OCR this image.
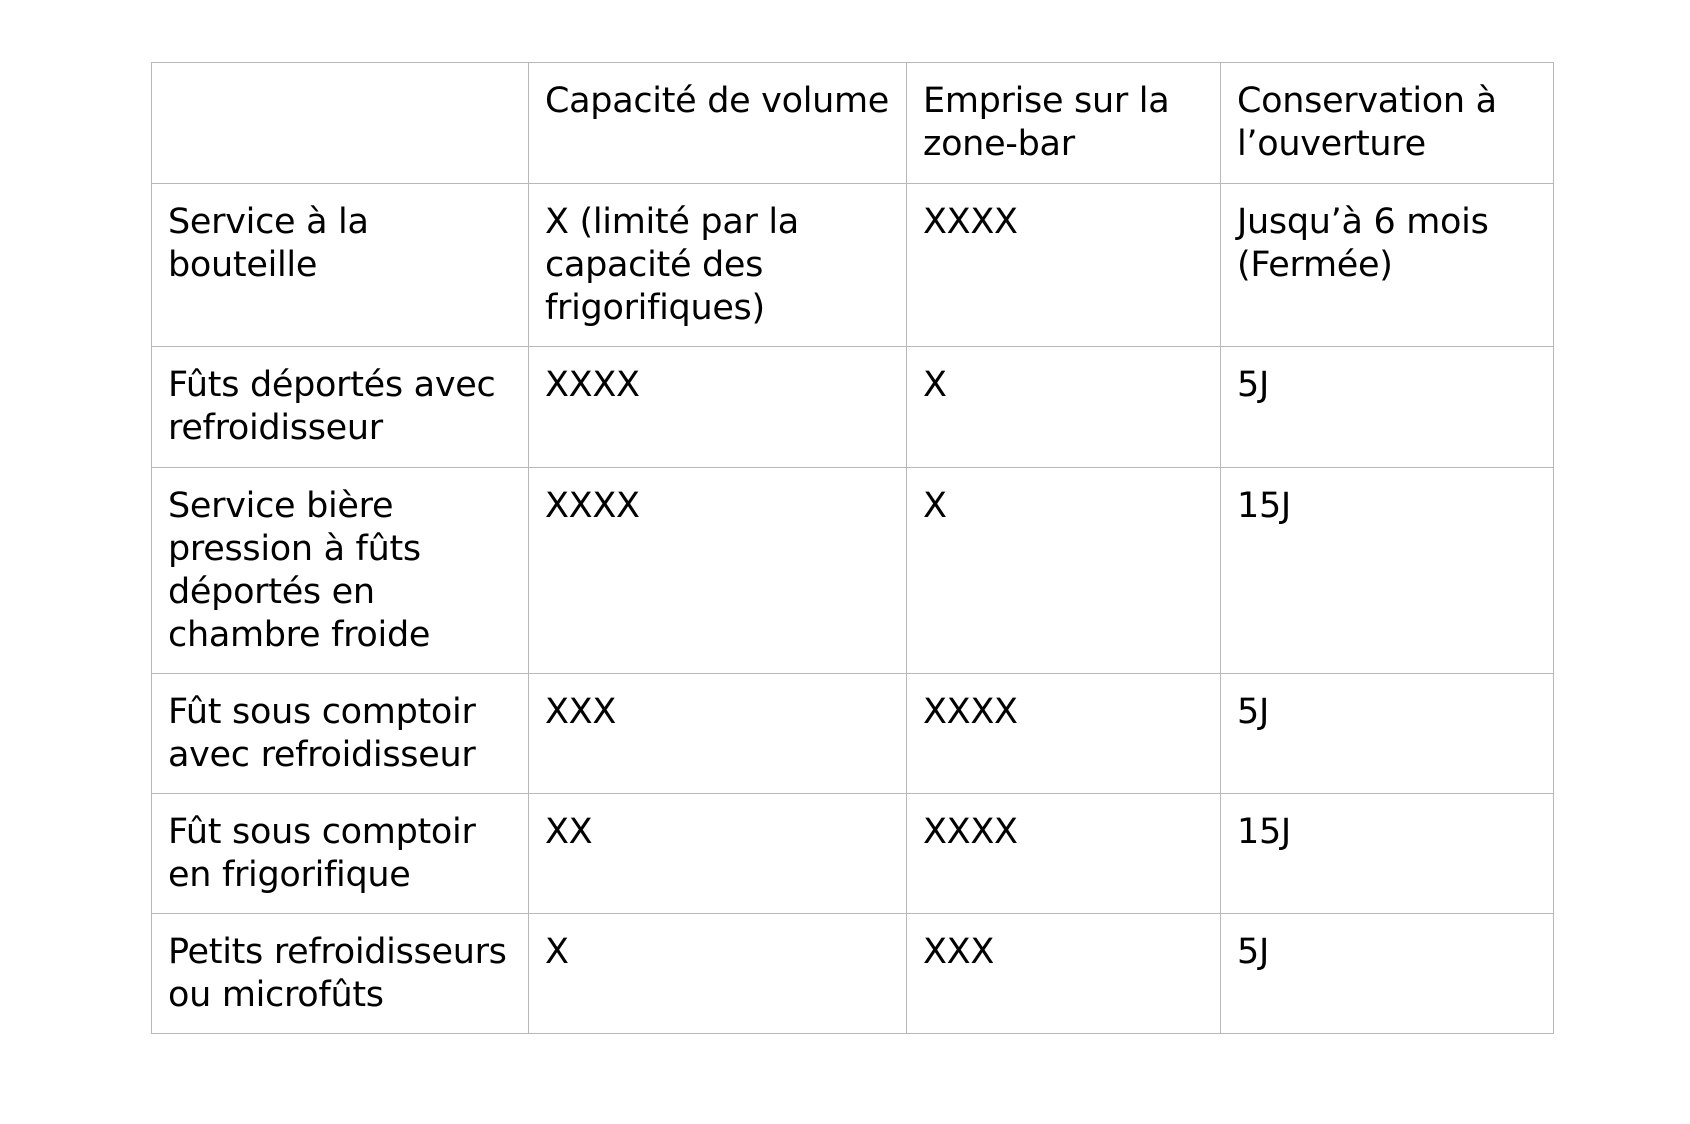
	Capacité de volume	Emprise sur la zone-bar	Conservation à l’ouverture
Service à la bouteille	X (limité par la capacité des frigorifiques)	XXXX	Jusqu’à 6 mois (Fermée)
Fûts déportés avec refroidisseur	XXXX	X	5J
Service bière pression à fûts déportés en chambre froide	XXXX	X	15J
Fût sous comptoir avec refroidisseur	XXX	XXXX	5J
Fût sous comptoir en frigorifique	XX	XXXX	15J
Petits refroidisseurs ou microfûts	X	XXX	5J
